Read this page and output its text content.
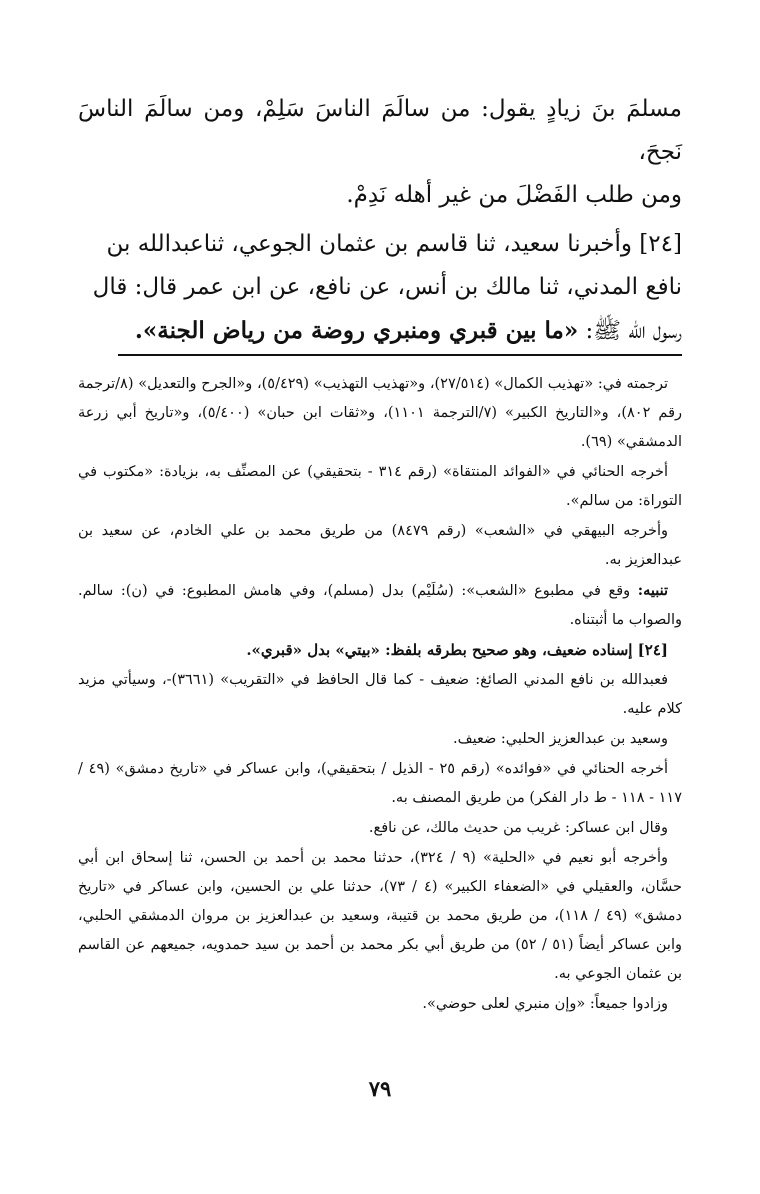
مسلمَ بنَ زيادٍ يقول: من سالَمَ الناسَ سَلِمْ، ومن سالَمَ الناسَ نَجحَ،

ومن طلب الفَضْلَ من غير أهله نَدِمْ.

[٢٤] وأخبرنا سعيد، ثنا قاسم بن عثمان الجوعي، ثناعبدالله بن

نافع المدني، ثنا مالك بن أنس، عن نافع، عن ابن عمر قال: قال

رسول الله ﷺ: «ما بين قبري ومنبري روضة من رياض الجنة».

ترجمته في: «تهذيب الكمال» (٢٧/٥١٤)، و«تهذيب التهذيب» (٥/٤٢٩)، و«الجرح والتعديل» (٨/ترجمة رقم ٨٠٢)، و«التاريخ الكبير» (٧/الترجمة ١١٠١)، و«ثقات ابن حبان» (٥/٤٠٠)، و«تاريخ أبي زرعة الدمشقي» (٦٩).

أخرجه الحنائي في «الفوائد المنتقاة» (رقم ٣١٤ - بتحقيقي) عن المصنِّف به، بزيادة: «مكتوب في التوراة: من سالم».

وأخرجه البيهقي في «الشعب» (رقم ٨٤٧٩) من طريق محمد بن علي الخادم، عن سعيد بن عبدالعزيز به.

تنبيه: وقع في مطبوع «الشعب»: (سُلَيْم) بدل (مسلم)، وفي هامش المطبوع: في (ن): سالم. والصواب ما أثبتناه.

[٢٤] إسناده ضعيف، وهو صحيح بطرقه بلفظ: «بيتي» بدل «قبري».

فعبدالله بن نافع المدني الصائغ: ضعيف - كما قال الحافظ في «التقريب» (٣٦٦١)-، وسيأتي مزيد كلام عليه.

وسعيد بن عبدالعزيز الحلبي: ضعيف.

أخرجه الحنائي في «فوائده» (رقم ٢٥ - الذيل / بتحقيقي)، وابن عساكر في «تاريخ دمشق» (٤٩ / ١١٧ - ١١٨ - ط دار الفكر) من طريق المصنف به.

وقال ابن عساكر: غريب من حديث مالك، عن نافع.

وأخرجه أبو نعيم في «الحلية» (٩ / ٣٢٤)، حدثنا محمد بن أحمد بن الحسن، ثنا إسحاق ابن أبي حسَّان، والعقيلي في «الضعفاء الكبير» (٤ / ٧٣)، حدثنا علي بن الحسين، وابن عساكر في «تاريخ دمشق» (٤٩ / ١١٨)، من طريق محمد بن قتيبة، وسعيد بن عبدالعزيز بن مروان الدمشقي الحلبي، وابن عساكر أيضاً (٥١ / ٥٢) من طريق أبي بكر محمد بن أحمد بن سيد حمدويه، جميعهم عن القاسم بن عثمان الجوعي به.

وزادوا جميعاً: «وإن منبري لعلى حوضي».

٧٩
